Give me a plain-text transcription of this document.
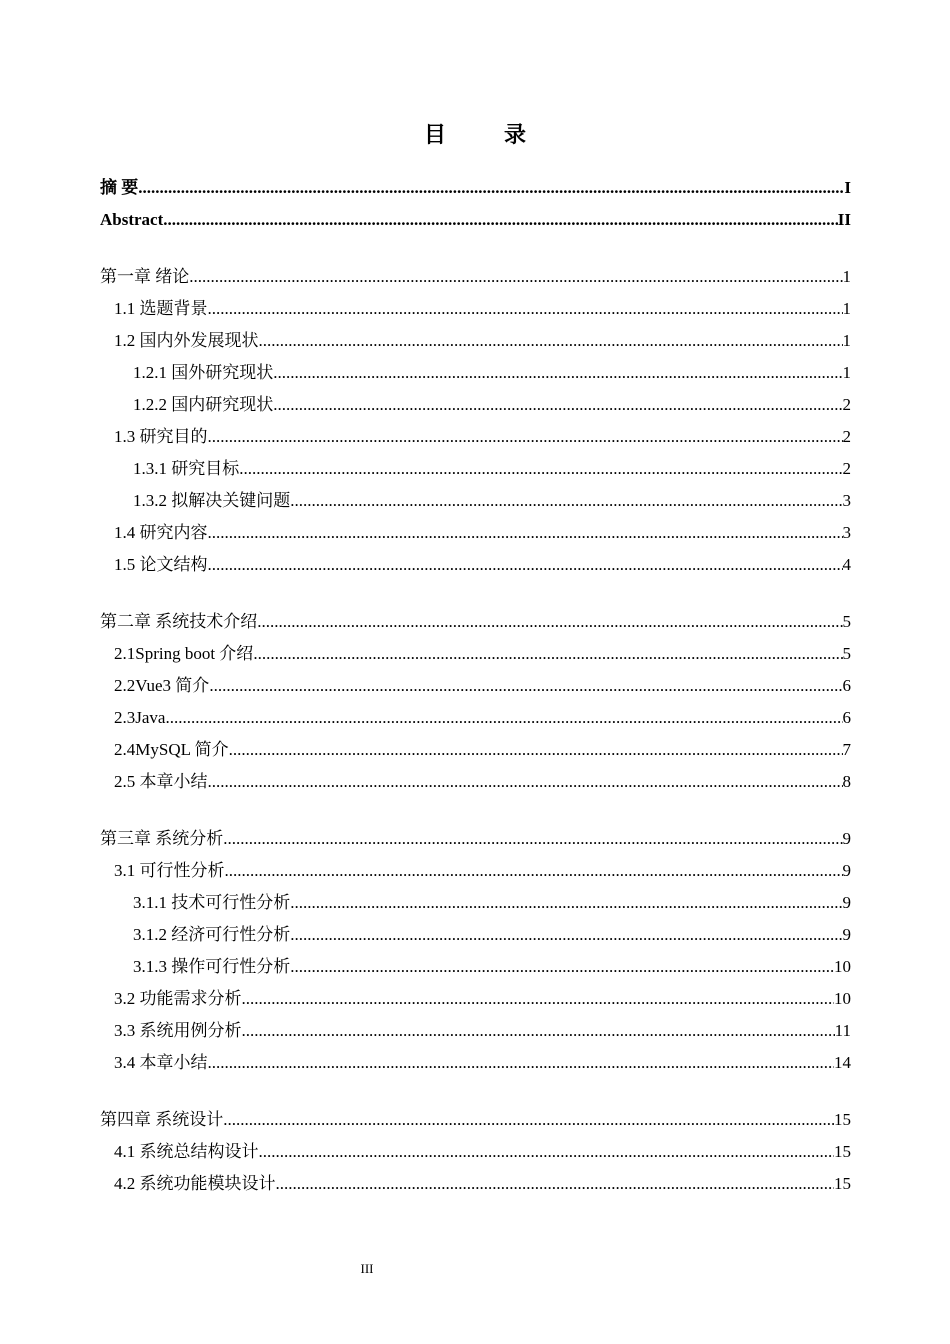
目　录
摘 要 .....	I
Abstract .....	II
第一章 绪论 .....	1
1.1 选题背景 .....	1
1.2 国内外发展现状 .....	1
1.2.1 国外研究现状 .....	1
1.2.2 国内研究现状 .....	2
1.3 研究目的 .....	2
1.3.1 研究目标 .....	2
1.3.2 拟解决关键问题 .....	3
1.4 研究内容 .....	3
1.5 论文结构 .....	4
第二章 系统技术介绍 .....	5
2.1Spring boot 介绍 .....	5
2.2Vue3 简介 .....	6
2.3Java .....	6
2.4MySQL 简介 .....	7
2.5 本章小结 .....	8
第三章 系统分析 .....	9
3.1 可行性分析 .....	9
3.1.1 技术可行性分析 .....	9
3.1.2 经济可行性分析 .....	9
3.1.3 操作可行性分析 .....	10
3.2 功能需求分析 .....	10
3.3 系统用例分析 .....	11
3.4 本章小结 .....	14
第四章 系统设计 .....	15
4.1 系统总结构设计 .....	15
4.2 系统功能模块设计 .....	15
III
